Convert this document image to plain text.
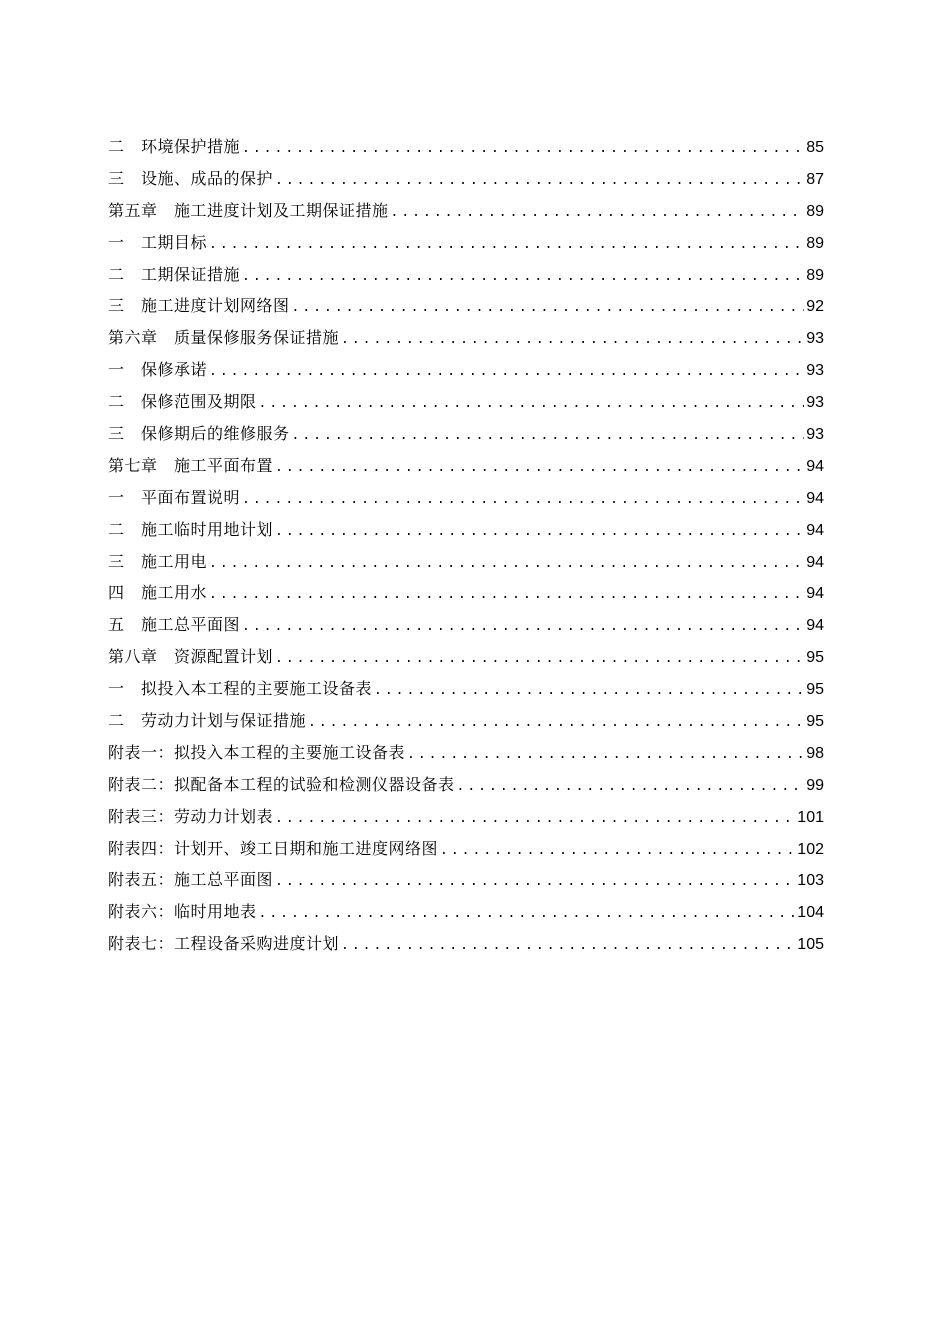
二　环境保护措施 .....	85
三　设施、成品的保护 .....	87
第五章　施工进度计划及工期保证措施 .....	89
一　工期目标 .....	89
二　工期保证措施 .....	89
三　施工进度计划网络图 .....	92
第六章　质量保修服务保证措施 .....	93
一　保修承诺 .....	93
二　保修范围及期限 .....	93
三　保修期后的维修服务 .....	93
第七章　施工平面布置 .....	94
一　平面布置说明 .....	94
二　施工临时用地计划 .....	94
三　施工用电 .....	94
四　施工用水 .....	94
五　施工总平面图 .....	94
第八章　资源配置计划 .....	95
一　拟投入本工程的主要施工设备表 .....	95
二　劳动力计划与保证措施 .....	95
附表一：拟投入本工程的主要施工设备表 .....	98
附表二：拟配备本工程的试验和检测仪器设备表 .....	99
附表三：劳动力计划表 .....	101
附表四：计划开、竣工日期和施工进度网络图 .....	102
附表五：施工总平面图 .....	103
附表六：临时用地表 .....	104
附表七：工程设备采购进度计划 .....	105
